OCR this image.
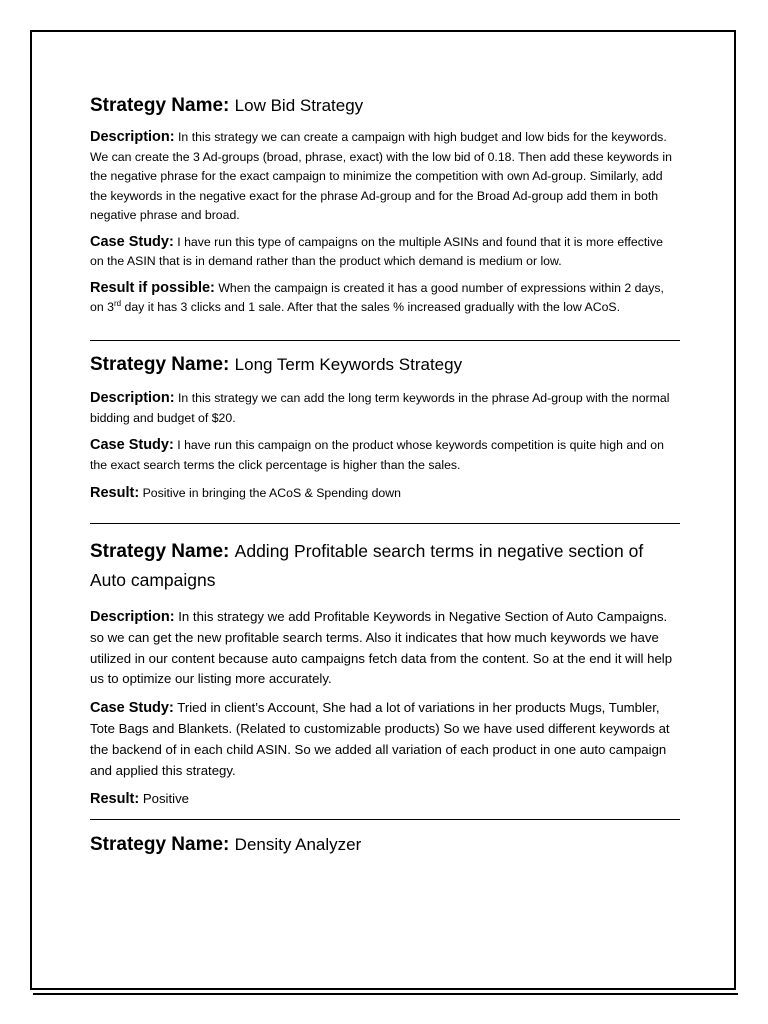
Strategy Name: Low Bid Strategy

Description: In this strategy we can create a campaign with high budget and low bids for the keywords. We can create the 3 Ad-groups (broad, phrase, exact) with the low bid of 0.18. Then add these keywords in the negative phrase for the exact campaign to minimize the competition with own Ad-group. Similarly, add the keywords in the negative exact for the phrase Ad-group and for the Broad Ad-group add them in both negative phrase and broad.

Case Study: I have run this type of campaigns on the multiple ASINs and found that it is more effective on the ASIN that is in demand rather than the product which demand is medium or low.

Result if possible: When the campaign is created it has a good number of expressions within 2 days, on 3rd day it has 3 clicks and 1 sale. After that the sales % increased gradually with the low ACoS.

Strategy Name: Long Term Keywords Strategy

Description: In this strategy we can add the long term keywords in the phrase Ad-group with the normal bidding and budget of $20.

Case Study: I have run this campaign on the product whose keywords competition is quite high and on the exact search terms the click percentage is higher than the sales.

Result: Positive in bringing the ACoS & Spending down

Strategy Name: Adding Profitable search terms in negative section of Auto campaigns

Description: In this strategy we add Profitable Keywords in Negative Section of Auto Campaigns. so we can get the new profitable search terms. Also it indicates that how much keywords we have utilized in our content because auto campaigns fetch data from the content. So at the end it will help us to optimize our listing more accurately.

Case Study: Tried in client’s Account, She had a lot of variations in her products Mugs, Tumbler, Tote Bags and Blankets. (Related to customizable products) So we have used different keywords at the backend of in each child ASIN. So we added all variation of each product in one auto campaign and applied this strategy.

Result: Positive

Strategy Name: Density Analyzer
